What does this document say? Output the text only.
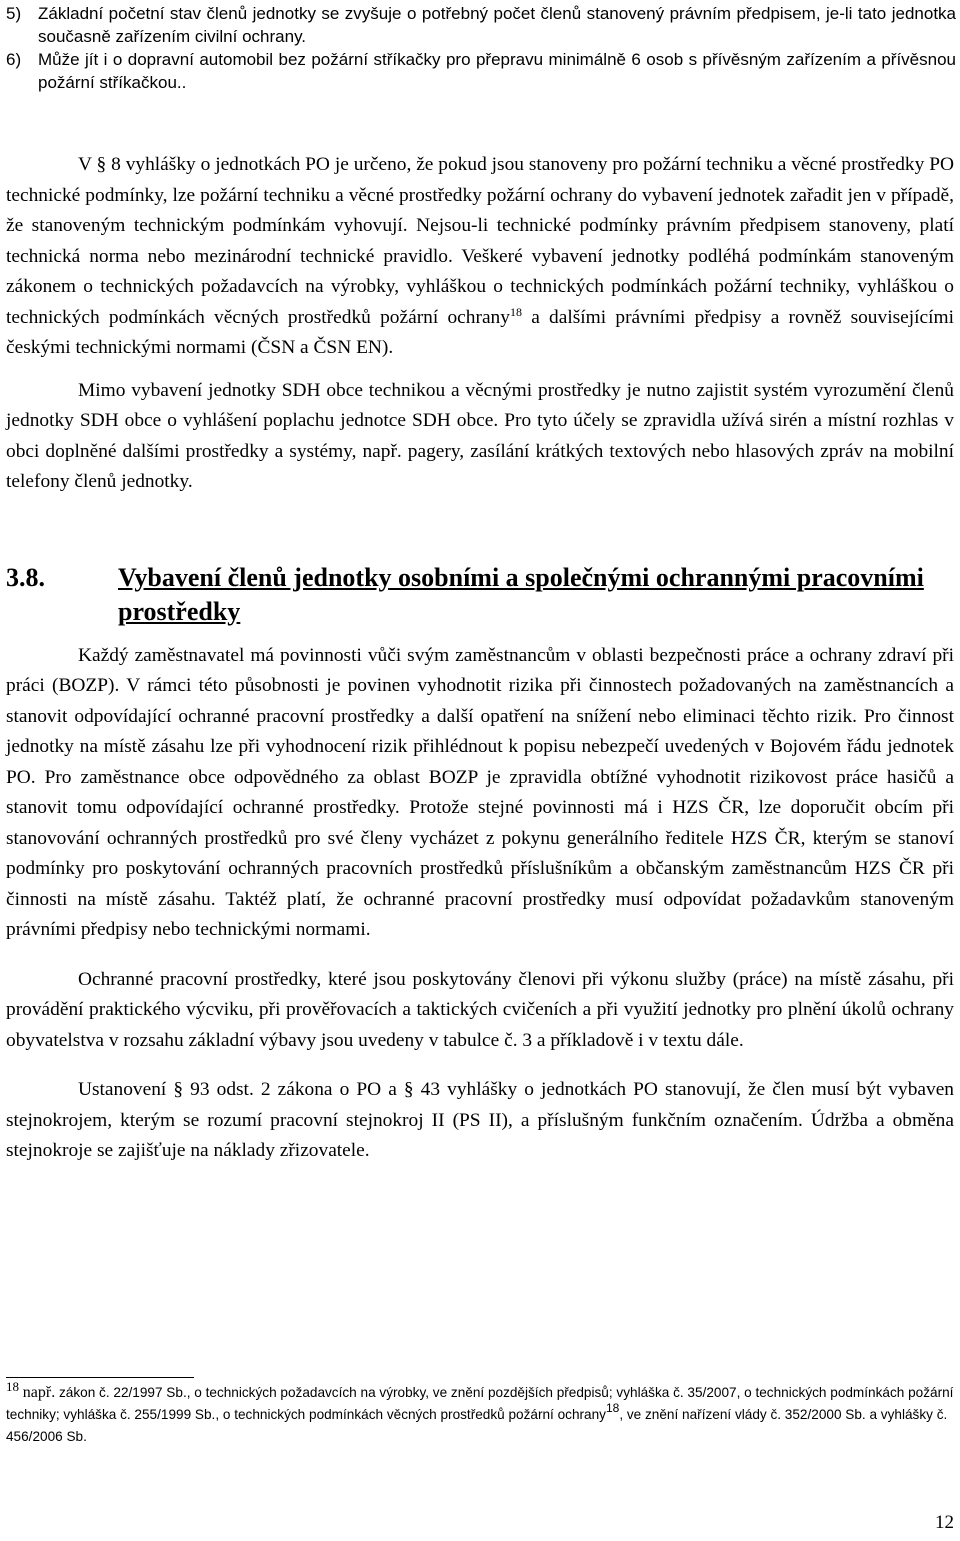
5) Základní početní stav členů jednotky se zvyšuje o potřebný počet členů stanovený právním předpisem, je-li tato jednotka současně zařízením civilní ochrany.
6) Může jít i o dopravní automobil bez požární stříkačky pro přepravu minimálně 6 osob s přívěsným zařízením a přívěsnou požární stříkačkou..

V § 8 vyhlášky o jednotkách PO je určeno, že pokud jsou stanoveny pro požární techniku a věcné prostředky PO technické podmínky, lze požární techniku a věcné prostředky požární ochrany do vybavení jednotek zařadit jen v případě, že stanoveným technickým podmínkám vyhovují. Nejsou-li technické podmínky právním předpisem stanoveny, platí technická norma nebo mezinárodní technické pravidlo. Veškeré vybavení jednotky podléhá podmínkám stanoveným zákonem o technických požadavcích na výrobky, vyhláškou o technických podmínkách požární techniky, vyhláškou o technických podmínkách věcných prostředků požární ochrany$^{18}$ a dalšími právními předpisy a rovněž souvisejícími českými technickými normami (ČSN a ČSN EN).

Mimo vybavení jednotky SDH obce technikou a věcnými prostředky je nutno zajistit systém vyrozumění členů jednotky SDH obce o vyhlášení poplachu jednotce SDH obce. Pro tyto účely se zpravidla užívá sirén a místní rozhlas v obci doplněné dalšími prostředky a systémy, např. pagery, zasílání krátkých textových nebo hlasových zpráv na mobilní telefony členů jednotky.

3.8.	Vybavení členů jednotky osobními a společnými ochrannými pracovními prostředky

Každý zaměstnavatel má povinnosti vůči svým zaměstnancům v oblasti bezpečnosti práce a ochrany zdraví při práci (BOZP). V rámci této působnosti je povinen vyhodnotit rizika při činnostech požadovaných na zaměstnancích a stanovit odpovídající ochranné pracovní prostředky a další opatření na snížení nebo eliminaci těchto rizik. Pro činnost jednotky na místě zásahu lze při vyhodnocení rizik přihlédnout k popisu nebezpečí uvedených v Bojovém řádu jednotek PO. Pro zaměstnance obce odpovědného za oblast BOZP je zpravidla obtížné vyhodnotit rizikovost práce hasičů a stanovit tomu odpovídající ochranné prostředky. Protože stejné povinnosti má i HZS ČR, lze doporučit obcím při stanovování ochranných prostředků pro své členy vycházet z pokynu generálního ředitele HZS ČR, kterým se stanoví podmínky pro poskytování ochranných pracovních prostředků příslušníkům a občanským zaměstnancům HZS ČR při činnosti na místě zásahu. Taktéž platí, že ochranné pracovní prostředky musí odpovídat požadavkům stanoveným právními předpisy nebo technickými normami.

Ochranné pracovní prostředky, které jsou poskytovány členovi při výkonu služby (práce) na místě zásahu, při provádění praktického výcviku, při prověřovacích a taktických cvičeních a při využití jednotky pro plnění úkolů ochrany obyvatelstva v rozsahu základní výbavy jsou uvedeny v tabulce č. 3 a příkladově i v textu dále.

Ustanovení § 93 odst. 2 zákona o PO a § 43 vyhlášky o jednotkách PO stanovují, že člen musí být vybaven stejnokrojem, kterým se rozumí pracovní stejnokroj II (PS II), a příslušným funkčním označením. Údržba a obměna stejnokroje se zajišťuje na náklady zřizovatele.

18 např. zákon č. 22/1997 Sb., o technických požadavcích na výrobky, ve znění pozdějších předpisů; vyhláška č. 35/2007, o technických podmínkách požární techniky; vyhláška č. 255/1999 Sb., o technických podmínkách věcných prostředků požární ochrany$^{18}$, ve znění nařízení vlády č. 352/2000 Sb. a vyhlášky č. 456/2006 Sb.
12
